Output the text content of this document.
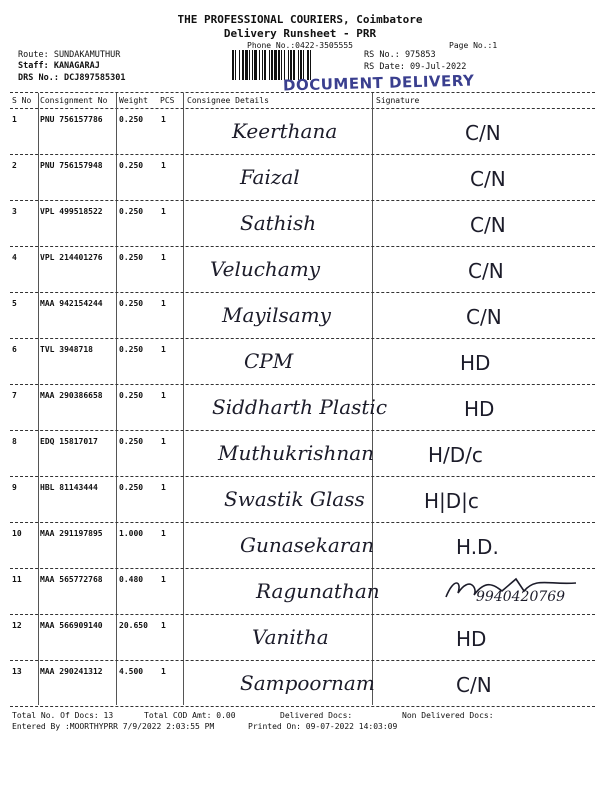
THE PROFESSIONAL COURIERS, Coimbatore
Delivery Runsheet - PRR
Phone No.:0422-3505555	Page No.:1
Route: SUNDAKAMUTHUR
Staff: KANAGARAJ
DRS No.: DCJ897585301
RS No.: 975853
RS Date: 09-Jul-2022
DOCUMENT DELIVERY
S No Consignment No Weight PCS Consignee Details	Signature
1	PNU 756157786 0.250 1	Keerthana	C/N
2	PNU 756157948 0.250 1	Faizal	C/N
3	VPL 499518522 0.250 1	Sathish	C/N
4	VPL 214401276 0.250 1 Veluchamy	C/N
5	MAA 942154244 0.250 1	Mayilsamy	C/N
6	TVL 3948718	0.250 1	CPM	HD
7	MAA 290386658 0.250 1 Siddharth Plastic	HD
8	EDQ 15817017	0.250 1	Muthukrishnan	H/D/c
9	HBL 81143444	0.250 1	Swastik Glass	H|D|c
10 MAA 291197895 1.000 1	Gunasekaran	H.D.
11 MAA 565772768 0.480 1	Ragunathan	9940420769
12 MAA 566909140 20.650 1	Vanitha	HD
13 MAA 290241312 4.500 1	Sampoornam	C/N
Total No. Of Docs: 13	Total COD Amt: 0.00	Delivered Docs:	Non Delivered Docs:
Entered By :MOORTHYPRR 7/9/2022 2:03:55 PM	Printed On: 09-07-2022 14:03:09
